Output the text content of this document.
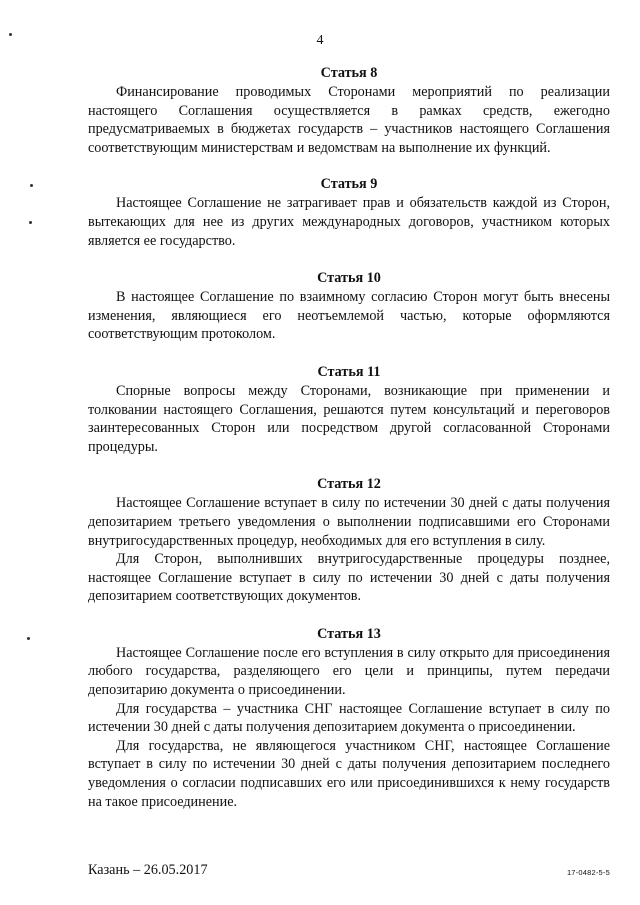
4
Статья 8

Финансирование проводимых Сторонами мероприятий по реализации настоящего Соглашения осуществляется в рамках средств, ежегодно предусматриваемых в бюджетах государств – участников настоящего Соглашения соответствующим министерствам и ведомствам на выполнение их функций.

Статья 9

Настоящее Соглашение не затрагивает прав и обязательств каждой из Сторон, вытекающих для нее из других международных договоров, участником которых является ее государство.

Статья 10

В настоящее Соглашение по взаимному согласию Сторон могут быть внесены изменения, являющиеся его неотъемлемой частью, которые оформляются соответствующим протоколом.

Статья 11

Спорные вопросы между Сторонами, возникающие при применении и толковании настоящего Соглашения, решаются путем консультаций и переговоров заинтересованных Сторон или посредством другой согласованной Сторонами процедуры.

Статья 12

Настоящее Соглашение вступает в силу по истечении 30 дней с даты получения депозитарием третьего уведомления о выполнении подписавшими его Сторонами внутригосударственных процедур, необходимых для его вступления в силу.

Для Сторон, выполнивших внутригосударственные процедуры позднее, настоящее Соглашение вступает в силу по истечении 30 дней с даты получения депозитарием соответствующих документов.

Статья 13

Настоящее Соглашение после его вступления в силу открыто для присоединения любого государства, разделяющего его цели и принципы, путем передачи депозитарию документа о присоединении.

Для государства – участника СНГ настоящее Соглашение вступает в силу по истечении 30 дней с даты получения депозитарием документа о присоединении.

Для государства, не являющегося участником СНГ, настоящее Соглашение вступает в силу по истечении 30 дней с даты получения депозитарием последнего уведомления о согласии подписавших его или присоединившихся к нему государств на такое присоединение.

Казань – 26.05.2017	17-0482-5-5
